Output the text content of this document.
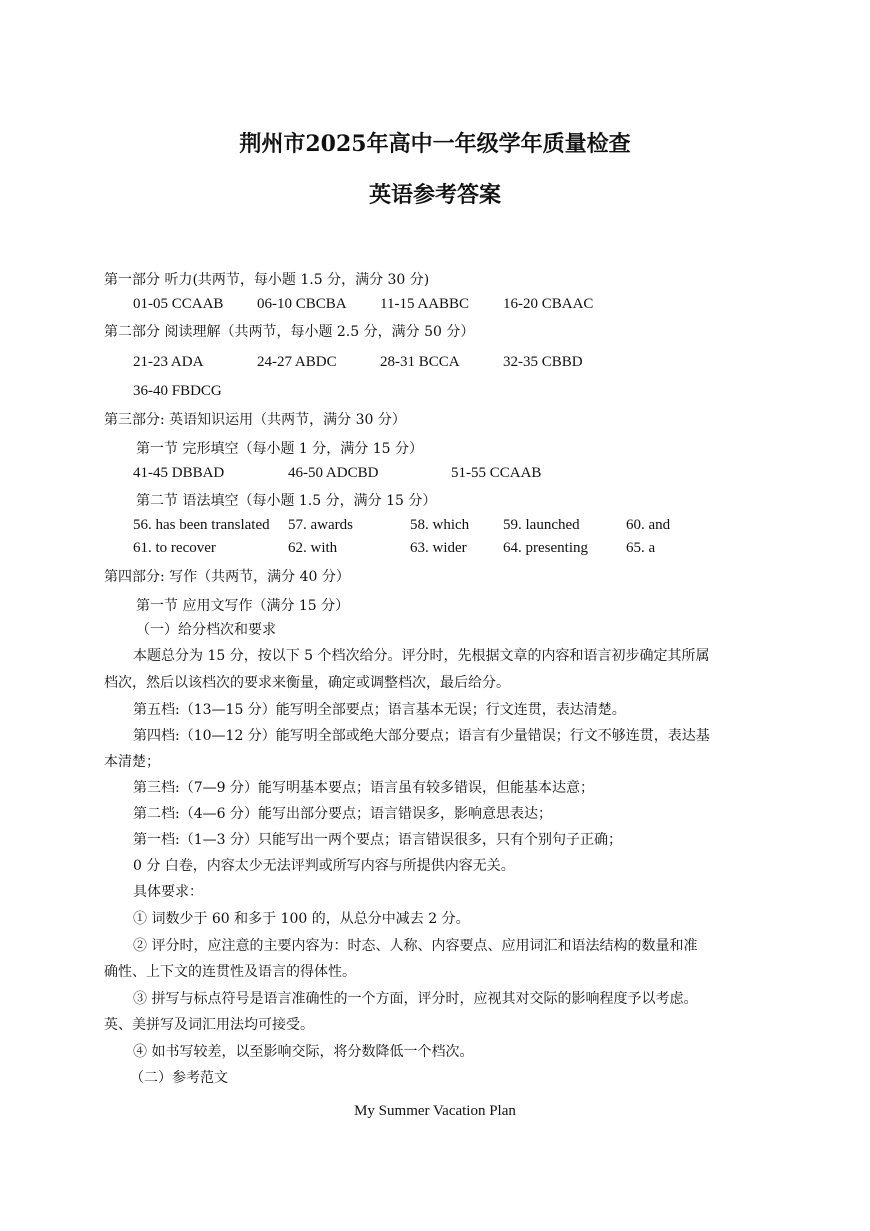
荆州市2025年高中一年级学年质量检查
英语参考答案
第一部分 听力(共两节，每小题 1.5 分，满分 30 分)
01-05 CCAAB 06-10 CBCBA 11-15 AABBC 16-20 CBAAC
第二部分 阅读理解（共两节，每小题 2.5 分，满分 50 分）
21-23 ADA	24-27 ABDC	28-31 BCCA	32-35 CBBD
36-40 FBDCG
第三部分: 英语知识运用（共两节，满分 30 分）
第一节 完形填空（每小题 1 分，满分 15 分）
41-45 DBBAD	46-50 ADCBD	51-55 CCAAB
第二节 语法填空（每小题 1.5 分，满分 15 分）
56. has been translated 57. awards	58. which 59. launched	60. and
61. to recover	62. with	63. wider 64. presenting	65. a
第四部分: 写作（共两节，满分 40 分）
第一节 应用文写作（满分 15 分）
（一）给分档次和要求
本题总分为 15 分，按以下 5 个档次给分。评分时，先根据文章的内容和语言初步确定其所属
档次，然后以该档次的要求来衡量，确定或调整档次，最后给分。
第五档:（13—15 分）能写明全部要点；语言基本无误；行文连贯，表达清楚。
第四档:（10—12 分）能写明全部或绝大部分要点；语言有少量错误；行文不够连贯，表达基
本清楚；
第三档:（7—9 分）能写明基本要点；语言虽有较多错误，但能基本达意；
第二档:（4—6 分）能写出部分要点；语言错误多，影响意思表达；
第一档:（1—3 分）只能写出一两个要点；语言错误很多，只有个别句子正确；
0 分 白卷，内容太少无法评判或所写内容与所提供内容无关。
具体要求：
① 词数少于 60 和多于 100 的，从总分中减去 2 分。
② 评分时，应注意的主要内容为：时态、人称、内容要点、应用词汇和语法结构的数量和准
确性、上下文的连贯性及语言的得体性。
③ 拼写与标点符号是语言准确性的一个方面，评分时，应视其对交际的影响程度予以考虑。
英、美拼写及词汇用法均可接受。
④ 如书写较差，以至影响交际，将分数降低一个档次。
（二）参考范文
My Summer Vacation Plan
